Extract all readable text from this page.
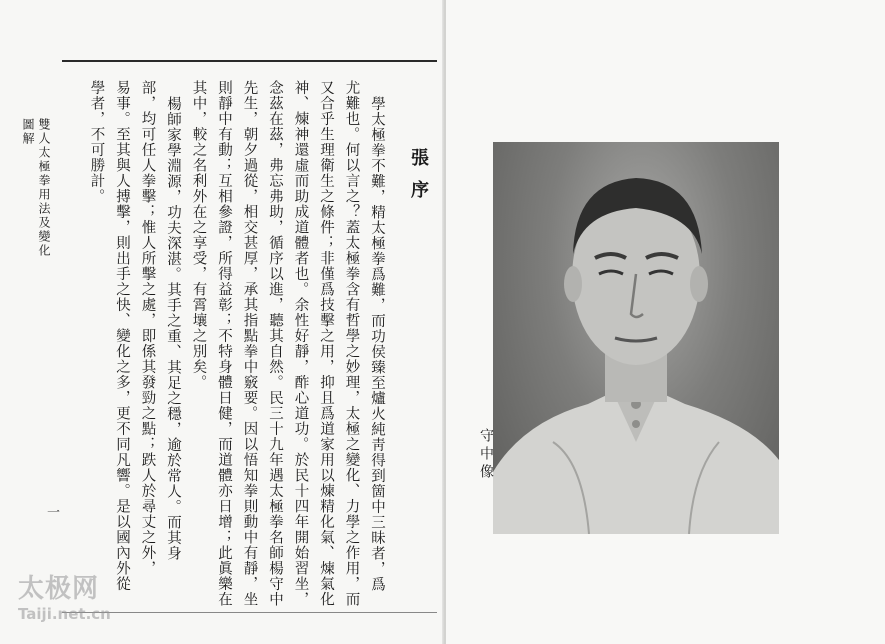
張序
學太極拳不難，精太極拳爲難，而功侯臻至爐火純靑得到箇中三昧者，爲
尤難也。何以言之？蓋太極拳含有哲學之妙理，太極之變化、力學之作用，而
又合乎生理衛生之條件；非僅爲技擊之用，抑且爲道家用以煉精化氣、煉氣化
神、煉神還虛而助成道體者也。余性好靜，酢心道功。於民十四年開始習坐，
念茲在茲，弗忘弗助，循序以進，聽其自然。民三十九年遇太極拳名師楊守中
先生，朝夕過從，相交甚厚，承其指點拳中竅要。因以悟知拳則動中有靜，坐
則靜中有動；互相參證，所得益彰；不特身體日健，而道體亦日增；此眞樂在
其中，較之名利外在之享受，有霄壤之別矣。
楊師家學淵源，功夫深湛。其手之重、其足之穩，逾於常人。而其身
部，均可任人拳擊；惟人所擊之處，即係其發勁之點；跌人於尋丈之外，
易事。至其與人搏擊，則出手之快、變化之多，更不同凡響。是以國內外從
學者，不可勝計。
雙人太極拳用法及變化
圖解
一
太极网
Taiji.net.cn
守中像
